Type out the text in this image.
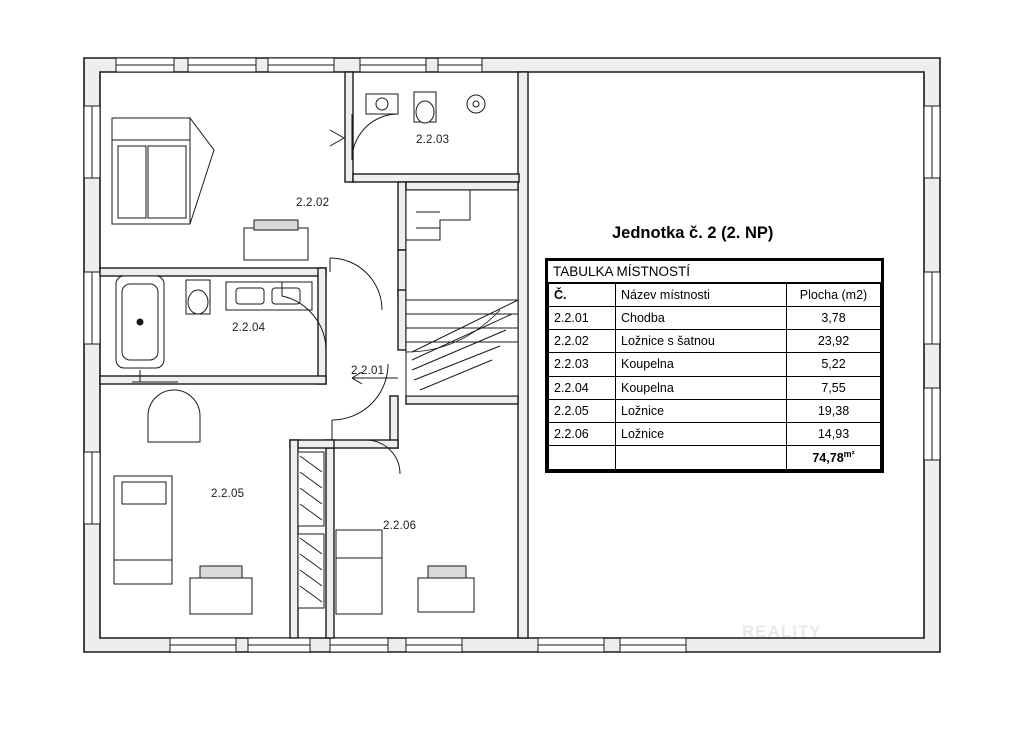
2.2.03
2.2.02
2.2.04
2.2.01
2.2.05
2.2.06
Jednotka č. 2 (2. NP)
TABULKA MÍSTNOSTÍ
Č.	Název místnosti	Plocha (m2)
2.2.01	Chodba	3,78
2.2.02	Ložnice s šatnou	23,92
2.2.03	Koupelna	5,22
2.2.04	Koupelna	7,55
2.2.05	Ložnice	19,38
2.2.06	Ložnice	14,93
		$74,78^{m^2}$
REALITY
